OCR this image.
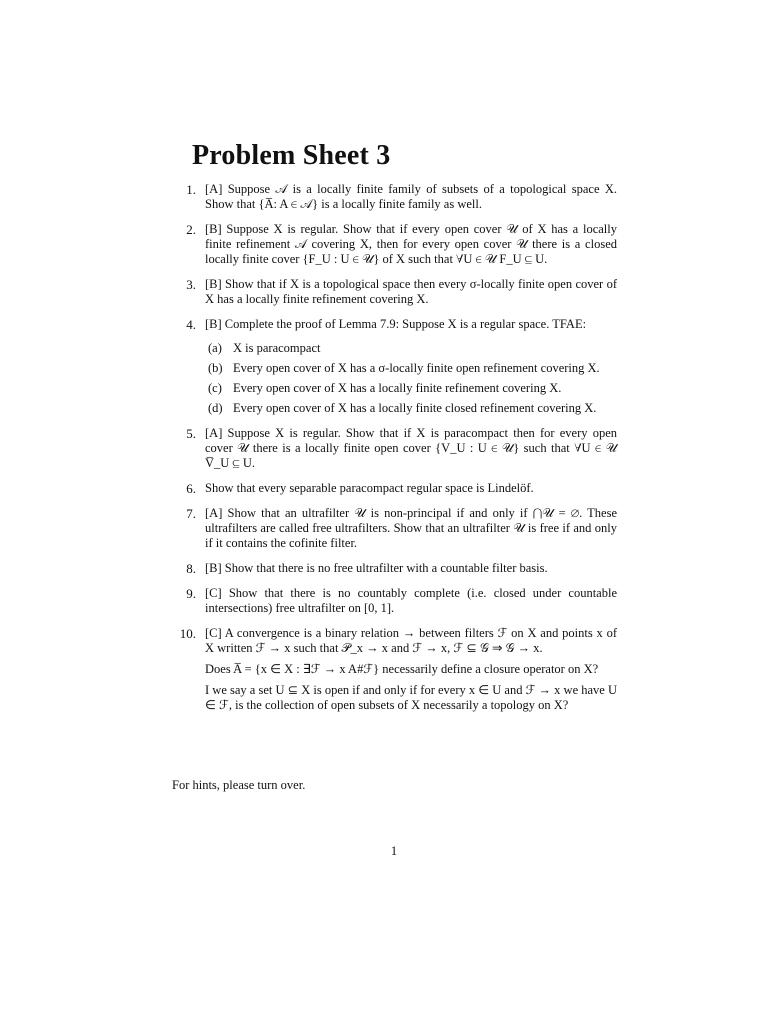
Problem Sheet 3
1. [A] Suppose 𝒜 is a locally finite family of subsets of a topological space X. Show that {A̅: A ∈ 𝒜} is a locally finite family as well.

2. [B] Suppose X is regular. Show that if every open cover 𝒰 of X has a locally finite refinement 𝒜 covering X, then for every open cover 𝒰 there is a closed locally finite cover {F_U : U ∈ 𝒰} of X such that ∀U ∈ 𝒰 F_U ⊆ U.

3. [B] Show that if X is a topological space then every σ-locally finite open cover of X has a locally finite refinement covering X.

4. [B] Complete the proof of Lemma 7.9: Suppose X is a regular space. TFAE:

(a) X is paracompact
(b) Every open cover of X has a σ-locally finite open refinement covering X.
(c) Every open cover of X has a locally finite refinement covering X.
(d) Every open cover of X has a locally finite closed refinement covering X.
5. [A] Suppose X is regular. Show that if X is paracompact then for every open cover 𝒰 there is a locally finite open cover {V_U : U ∈ 𝒰} such that ∀U ∈ 𝒰 V̅_U ⊆ U.

6. Show that every separable paracompact regular space is Lindelöf.

7. [A] Show that an ultrafilter 𝒰 is non-principal if and only if ⋂𝒰 = ∅. These ultrafilters are called free ultrafilters. Show that an ultrafilter 𝒰 is free if and only if it contains the cofinite filter.

8. [B] Show that there is no free ultrafilter with a countable filter basis.

9. [C] Show that there is no countably complete (i.e. closed under countable intersections) free ultrafilter on [0, 1].

10. [C] A convergence is a binary relation → between filters ℱ on X and points x of X written ℱ → x such that 𝒫_x → x and ℱ → x, ℱ ⊆ 𝒢 ⇒ 𝒢 → x.

Does A̅ = {x ∈ X : ∃ℱ → x A#ℱ} necessarily define a closure operator on X?

I we say a set U ⊆ X is open if and only if for every x ∈ U and ℱ → x we have U ∈ ℱ, is the collection of open subsets of X necessarily a topology on X?

For hints, please turn over.
1
